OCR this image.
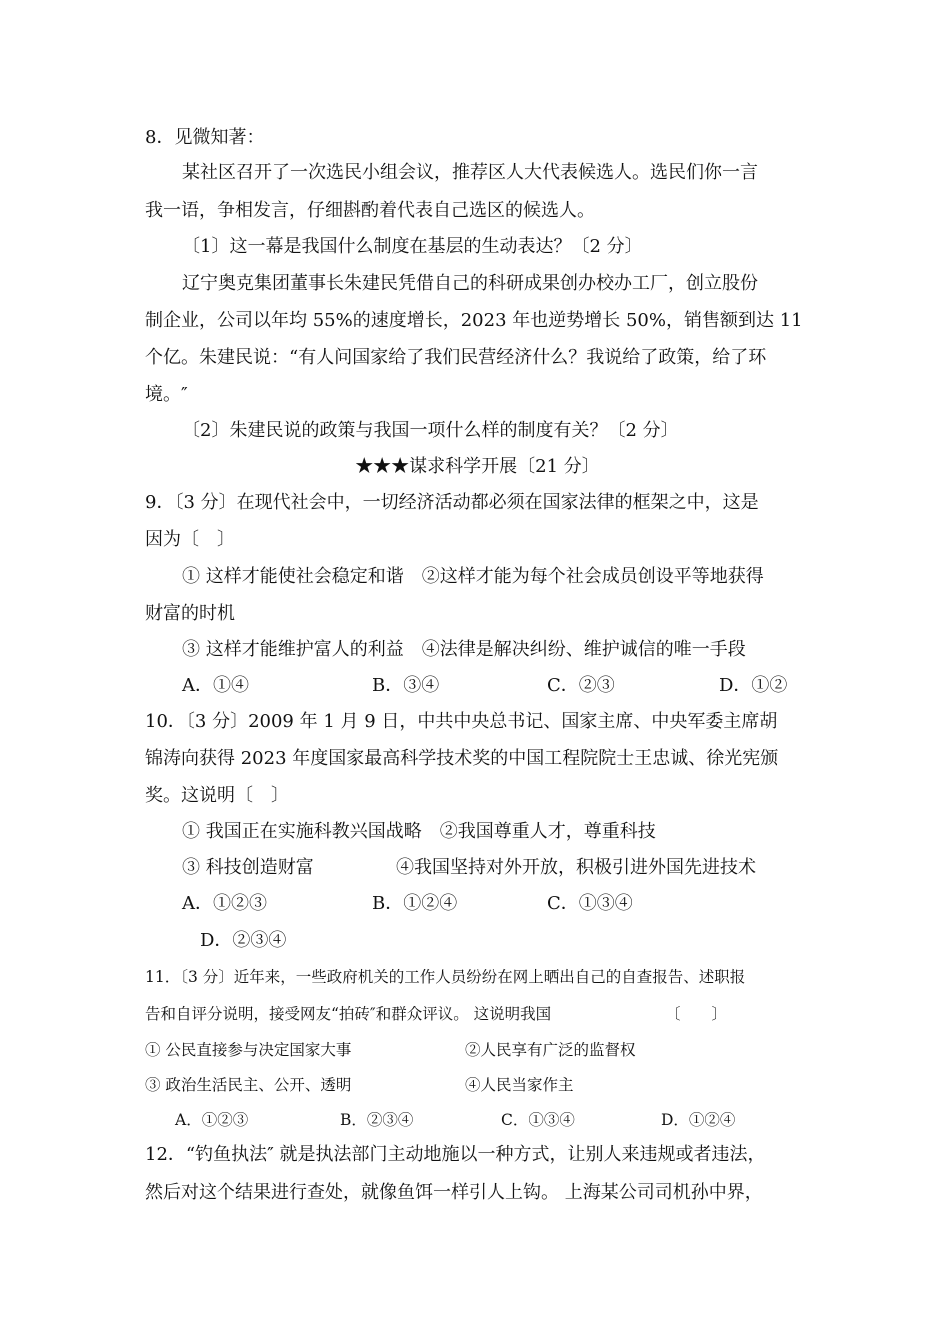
8．见微知著：
某社区召开了一次选民小组会议，推荐区人大代表候选人。选民们你一言
我一语，争相发言，仔细斟酌着代表自己选区的候选人。
〔1〕这一幕是我国什么制度在基层的生动表达？〔2 分〕
辽宁奥克集团董事长朱建民凭借自己的科研成果创办校办工厂，创立股份
制企业，公司以年均 55%的速度增长，2023 年也逆势增长 50%，销售额到达 11
个亿。朱建民说：“有人问国家给了我们民营经济什么？我说给了政策，给了环
境。″
〔2〕朱建民说的政策与我国一项什么样的制度有关？〔2 分〕
★★★谋求科学开展〔21 分〕
9．〔3 分〕在现代社会中，一切经济活动都必须在国家法律的框架之中，这是
因为〔　〕
① 这样才能使社会稳定和谐　②这样才能为每个社会成员创设平等地获得
财富的时机
③ 这样才能维护富人的利益　④法律是解决纠纷、维护诚信的唯一手段
A．①④	B．③④	C．②③	D．①②
10．〔3 分〕2009 年 1 月 9 日，中共中央总书记、国家主席、中央军委主席胡
锦涛向获得 2023 年度国家最高科学技术奖的中国工程院院士王忠诚、徐光宪颁
奖。这说明〔　〕
① 我国正在实施科教兴国战略　②我国尊重人才，尊重科技
③ 科技创造财富	④我国坚持对外开放，积极引进外国先进技术
A．①②③	B．①②④	C．①③④
D．②③④
11．〔3 分〕近年来，一些政府机关的工作人员纷纷在网上晒出自己的自查报告、述职报
告和自评分说明，接受网友“拍砖″和群众评议。 这说明我国	〔　　〕
① 公民直接参与决定国家大事	②人民享有广泛的监督权
③ 政治生活民主、公开、透明	④人民当家作主
A．①②③	B．②③④	C．①③④	D．①②④
12．“钓鱼执法″ 就是执法部门主动地施以一种方式，让别人来违规或者违法，
然后对这个结果进行查处，就像鱼饵一样引人上钩。 上海某公司司机孙中界，
